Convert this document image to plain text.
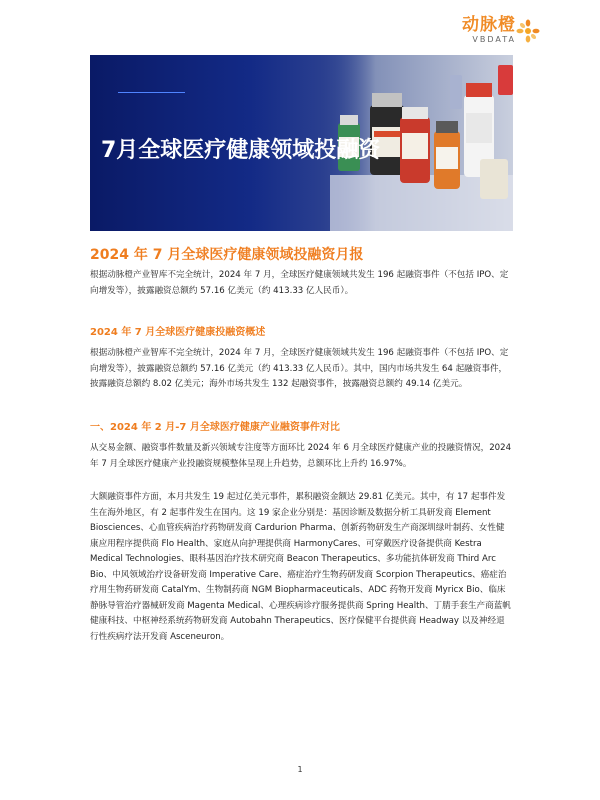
动脉橙
VBDATA
7月全球医疗健康领域投融资
2024 年 7 月全球医疗健康领域投融资月报

根据动脉橙产业智库不完全统计，2024 年 7 月，全球医疗健康领域共发生 196 起融资事件（不包括 IPO、定向增发等），披露融资总额约 57.16 亿美元（约 413.33 亿人民币）。

2024 年 7 月全球医疗健康投融资概述

根据动脉橙产业智库不完全统计，2024 年 7 月，全球医疗健康领域共发生 196 起融资事件（不包括 IPO、定向增发等），披露融资总额约 57.16 亿美元（约 413.33 亿人民币）。其中，国内市场共发生 64 起融资事件，披露融资总额约 8.02 亿美元；海外市场共发生 132 起融资事件，披露融资总额约 49.14 亿美元。

一、2024 年 2 月-7 月全球医疗健康产业融资事件对比

从交易金额、融资事件数量及新兴领域专注度等方面环比 2024 年 6 月全球医疗健康产业的投融资情况，2024 年 7 月全球医疗健康产业投融资规模整体呈现上升趋势，总额环比上升约 16.97%。

大额融资事件方面，本月共发生 19 起过亿美元事件，累积融资金额达 29.81 亿美元。其中，有 17 起事件发生在海外地区，有 2 起事件发生在国内。这 19 家企业分别是：基因诊断及数据分析工具研发商 Element Biosciences、心血管疾病治疗药物研发商 Cardurion Pharma、创新药物研发生产商深圳绿叶制药、女性健康应用程序提供商 Flo Health、家庭从向护理提供商 HarmonyCares、可穿戴医疗设备提供商 Kestra Medical Technologies、眼科基因治疗技术研究商 Beacon Therapeutics、多功能抗体研发商 Third Arc Bio、中风领域治疗设备研发商 Imperative Care、癌症治疗生物药研发商 Scorpion Therapeutics、癌症治疗用生物药研发商 CatalYm、生物制药商 NGM Biopharmaceuticals、ADC 药物开发商 Myricx Bio、临床静脉导管治疗器械研发商 Magenta Medical、心理疾病诊疗服务提供商 Spring Health、丁腈手套生产商蓝帆健康科技、中枢神经系统药物研发商 Autobahn Therapeutics、医疗保健平台提供商 Headway 以及神经退行性疾病疗法开发商 Asceneuron。

1
